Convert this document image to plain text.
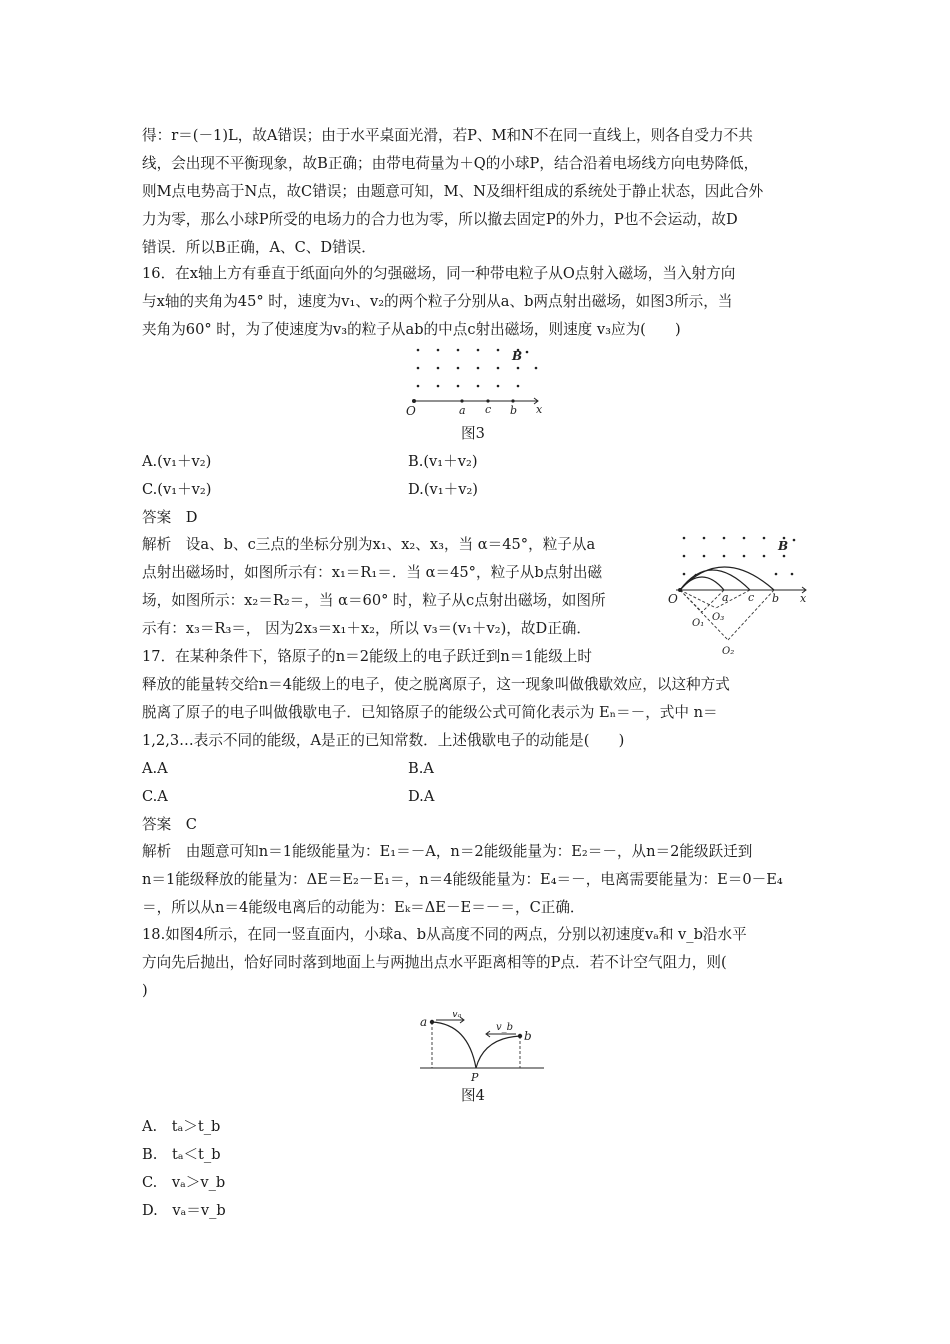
得：r＝(－1)L，故A错误；由于水平桌面光滑，若P、M和N不在同一直线上，则各自受力不共
线，会出现不平衡现象，故B正确；由带电荷量为＋Q的小球P，结合沿着电场线方向电势降低，
则M点电势高于N点，故C错误；由题意可知，M、N及细杆组成的系统处于静止状态，因此合外
力为零，那么小球P所受的电场力的合力也为零，所以撤去固定P的外力，P也不会运动，故D
错误．所以B正确，A、C、D错误．
16．在x轴上方有垂直于纸面向外的匀强磁场，同一种带电粒子从O点射入磁场，当入射方向
与x轴的夹角为45° 时，速度为v₁、v₂的两个粒子分别从a、b两点射出磁场，如图3所示，当
夹角为60° 时，为了使速度为v₃的粒子从ab的中点c射出磁场，则速度 v₃应为(　　)
B
O	a c b x
图3
A.(v₁＋v₂)	B.(v₁＋v₂)
C.(v₁＋v₂)	D.(v₁＋v₂)
答案　D
解析　设a、b、c三点的坐标分别为x₁、x₂、x₃，当 α＝45°，粒子从a
点射出磁场时，如图所示有：x₁＝R₁＝．当 α＝45°，粒子从b点射出磁
场，如图所示：x₂＝R₂＝，当 α＝60° 时，粒子从c点射出磁场，如图所
示有：x₃＝R₃＝， 因为2x₃＝x₁＋x₂，所以 v₃＝(v₁＋v₂)，故D正确．
B
O	a c b x
O₁
O₃
O₂
17．在某种条件下，铬原子的n＝2能级上的电子跃迁到n＝1能级上时
释放的能量转交给n＝4能级上的电子，使之脱离原子，这一现象叫做俄歇效应，以这种方式
脱离了原子的电子叫做俄歇电子．已知铬原子的能级公式可简化表示为 Eₙ＝－，式中 n＝
1,2,3…表示不同的能级，A是正的已知常数．上述俄歇电子的动能是(　　)
A.A	B.A
C.A	D.A
答案　C
解析　由题意可知n＝1能级能量为：E₁＝－A，n＝2能级能量为：E₂＝－，从n＝2能级跃迁到
n＝1能级释放的能量为：ΔE＝E₂－E₁＝，n＝4能级能量为：E₄＝－，电离需要能量为：E＝0－E₄
＝，所以从n＝4能级电离后的动能为：Eₖ＝ΔE－E＝－＝，C正确．
18.如图4所示，在同一竖直面内，小球a、b从高度不同的两点，分别以初速度vₐ和 v_b沿水平
方向先后抛出，恰好同时落到地面上与两抛出点水平距离相等的P点．若不计空气阻力，则(
)
a
b
vₐ
v_b
P
图4
A.　tₐ＞t_b
B.　tₐ＜t_b
C.　vₐ＞v_b
D.　vₐ＝v_b
